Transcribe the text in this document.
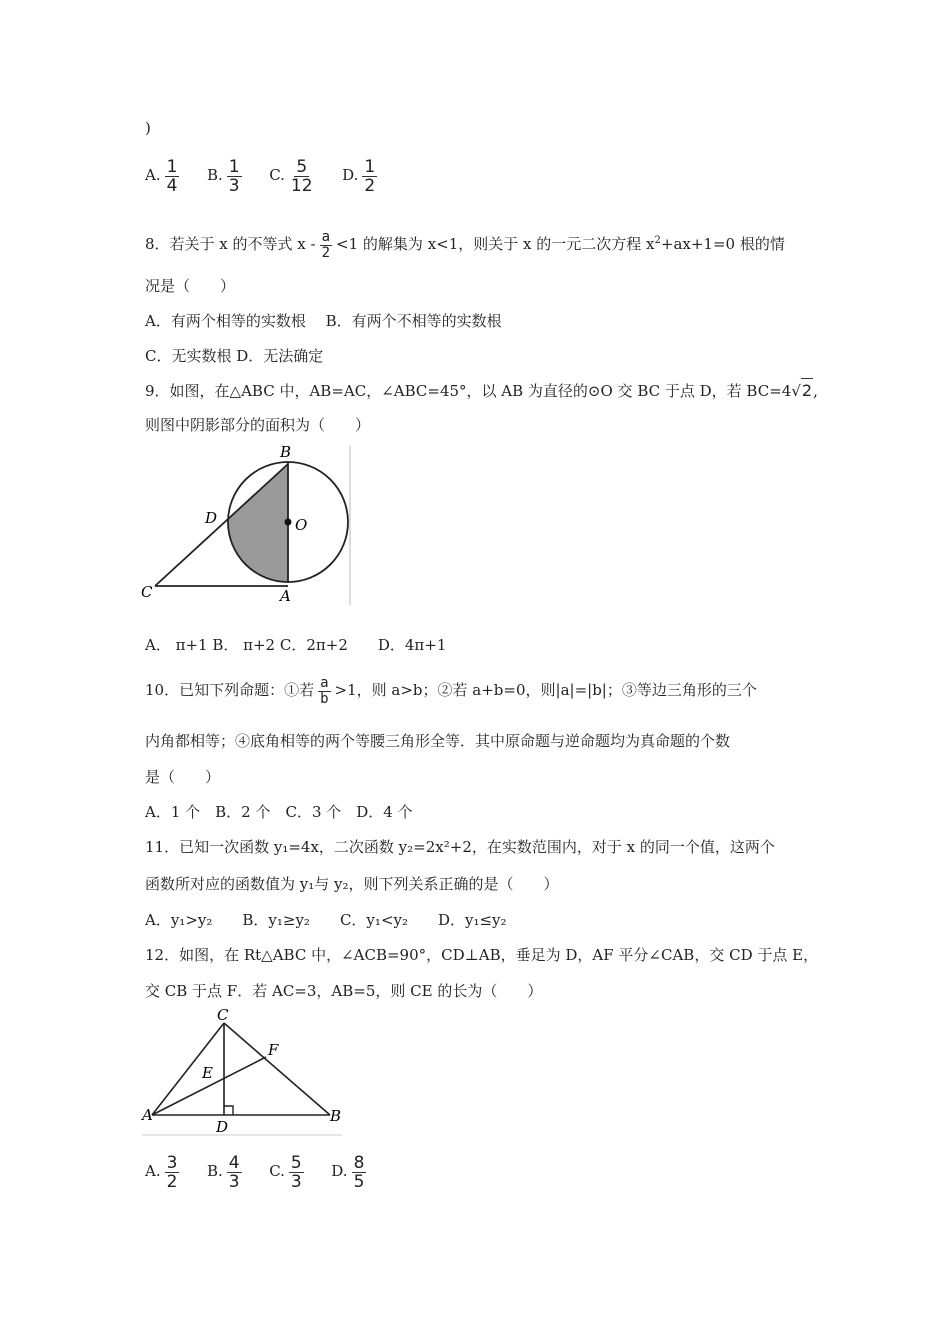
)
A. $\frac{1}{4} B$. $\frac{1}{3} C$. $\frac{5}{12} D$. $\frac{1}{2}$
8．若关于 x 的不等式 $x - \frac{a}{2} <1$ 的解集为 x<1，则关于 x 的一元二次方程 $x^2+ax+1=0$ 根的情
况是（　　）
A．有两个相等的实数根　 B．有两个不相等的实数根
C．无实数根 D．无法确定
9．如图，在△ABC 中，AB=AC，∠ABC=45°，以 AB 为直径的⊙O 交 BC 于点 D，若 BC=4 √ 2 ,
则图中阴影部分的面积为（　　）
B
D	O
C	A
A． π+1 B． π+2 C．2π+2　　D．4π+1
10．已知下列命题：①若 $\frac{a}{b} >1$，则 a>b；②若 a+b=0，则|a|=|b|；③等边三角形的三个
内角都相等；④底角相等的两个等腰三角形全等．其中原命题与逆命题均为真命题的个数
是（　　）
A．1 个　B．2 个　C．3 个　D．4 个
11．已知一次函数 y₁=4x，二次函数 y₂=2x²+2，在实数范围内，对于 x 的同一个值，这两个
函数所对应的函数值为 y₁与 y₂，则下列关系正确的是（　　）
A．y₁>y₂　　B．y₁≥y₂　　C．y₁<y₂　　D．y₁≤y₂
12．如图，在 Rt△ABC 中，∠ACB=90°，CD⊥AB，垂足为 D，AF 平分∠CAB，交 CD 于点 E，
交 CB 于点 F．若 AC=3，AB=5，则 CE 的长为（　　）
C
F
E
A
D
B
A. $\frac{3}{2} B$. $\frac{4}{3} C$. $\frac{5}{3} D$. $\frac{8}{5}$
